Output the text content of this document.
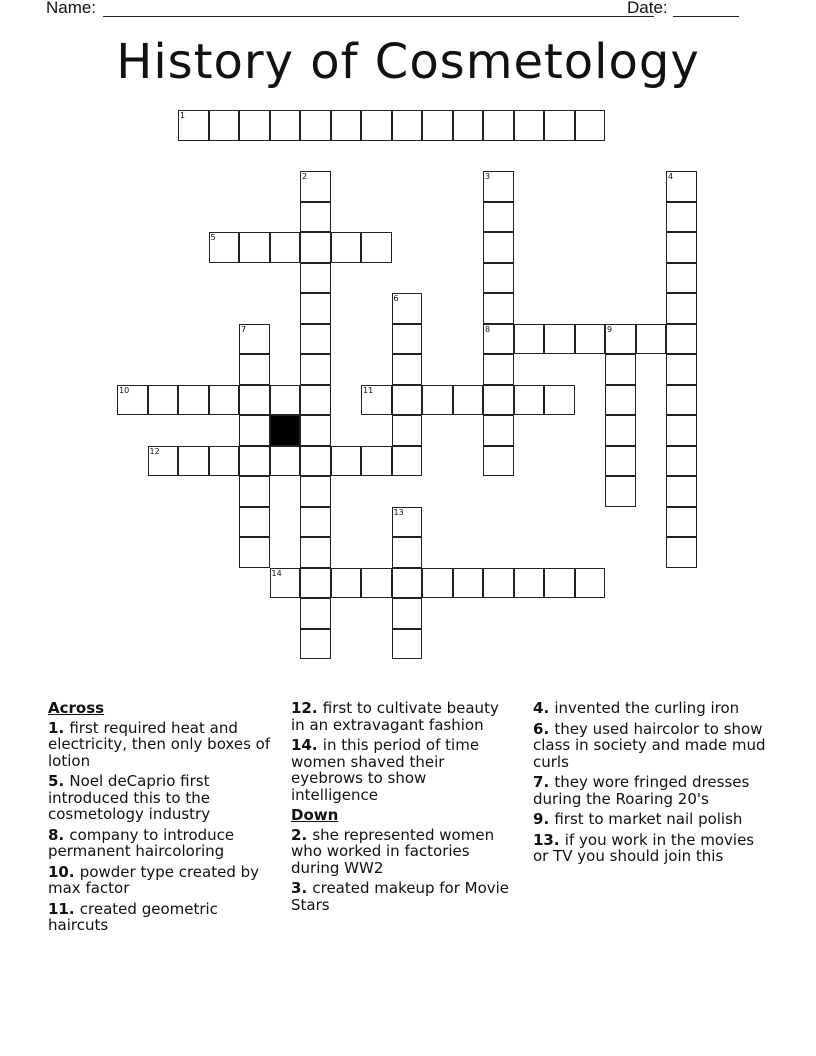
Name:	Date:
History of Cosmetology
1
2	3	4
5
6
7	8	9
10	11
12
13
14
Across
1. first required heat and electricity, then only boxes of lotion
5. Noel deCaprio first introduced this to the cosmetology industry
8. company to introduce permanent haircoloring
10. powder type created by max factor
11. created geometric haircuts
12. first to cultivate beauty in an extravagant fashion
14. in this period of time women shaved their eyebrows to show intelligence
Down
2. she represented women who worked in factories during WW2
3. created makeup for Movie Stars
4. invented the curling iron
6. they used haircolor to show class in society and made mud curls
7. they wore fringed dresses during the Roaring 20's
9. first to market nail polish
13. if you work in the movies or TV you should join this
